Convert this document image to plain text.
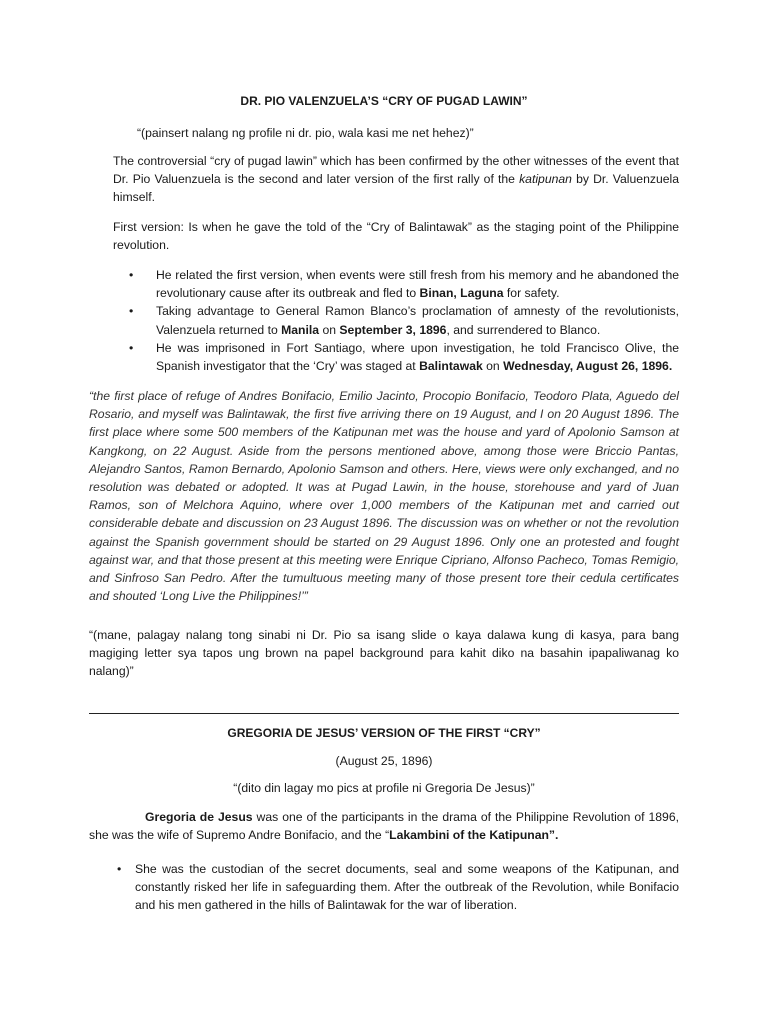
DR. PIO VALENZUELA’S “CRY OF PUGAD LAWIN”
“(painsert nalang ng profile ni dr. pio, wala kasi me net hehez)”
The controversial “cry of pugad lawin” which has been confirmed by the other witnesses of the event that Dr. Pio Valuenzuela is the second and later version of the first rally of the katipunan by Dr. Valuenzuela himself.
First version: Is when he gave the told of the “Cry of Balintawak” as the staging point of the Philippine revolution.
• He related the first version, when events were still fresh from his memory and he abandoned the revolutionary cause after its outbreak and fled to Binan, Laguna for safety.
• Taking advantage to General Ramon Blanco’s proclamation of amnesty of the revolutionists, Valenzuela returned to Manila on September 3, 1896, and surrendered to Blanco.
• He was imprisoned in Fort Santiago, where upon investigation, he told Francisco Olive, the Spanish investigator that the ‘Cry’ was staged at Balintawak on Wednesday, August 26, 1896.
“the first place of refuge of Andres Bonifacio, Emilio Jacinto, Procopio Bonifacio, Teodoro Plata, Aguedo del Rosario, and myself was Balintawak, the first five arriving there on 19 August, and I on 20 August 1896. The first place where some 500 members of the Katipunan met was the house and yard of Apolonio Samson at Kangkong, on 22 August. Aside from the persons mentioned above, among those were Briccio Pantas, Alejandro Santos, Ramon Bernardo, Apolonio Samson and others. Here, views were only exchanged, and no resolution was debated or adopted. It was at Pugad Lawin, in the house, storehouse and yard of Juan Ramos, son of Melchora Aquino, where over 1,000 members of the Katipunan met and carried out considerable debate and discussion on 23 August 1896. The discussion was on whether or not the revolution against the Spanish government should be started on 29 August 1896. Only one an protested and fought against war, and that those present at this meeting were Enrique Cipriano, Alfonso Pacheco, Tomas Remigio, and Sinfroso San Pedro. After the tumultuous meeting many of those present tore their cedula certificates and shouted ‘Long Live the Philippines!’”
“(mane, palagay nalang tong sinabi ni Dr. Pio sa isang slide o kaya dalawa kung di kasya, para bang magiging letter sya tapos ung brown na papel background para kahit diko na basahin ipapaliwanag ko nalang)”
GREGORIA DE JESUS’ VERSION OF THE FIRST “CRY”
(August 25, 1896)
“(dito din lagay mo pics at profile ni Gregoria De Jesus)”
Gregoria de Jesus was one of the participants in the drama of the Philippine Revolution of 1896, she was the wife of Supremo Andre Bonifacio, and the “Lakambini of the Katipunan”.
• She was the custodian of the secret documents, seal and some weapons of the Katipunan, and constantly risked her life in safeguarding them. After the outbreak of the Revolution, while Bonifacio and his men gathered in the hills of Balintawak for the war of liberation.
